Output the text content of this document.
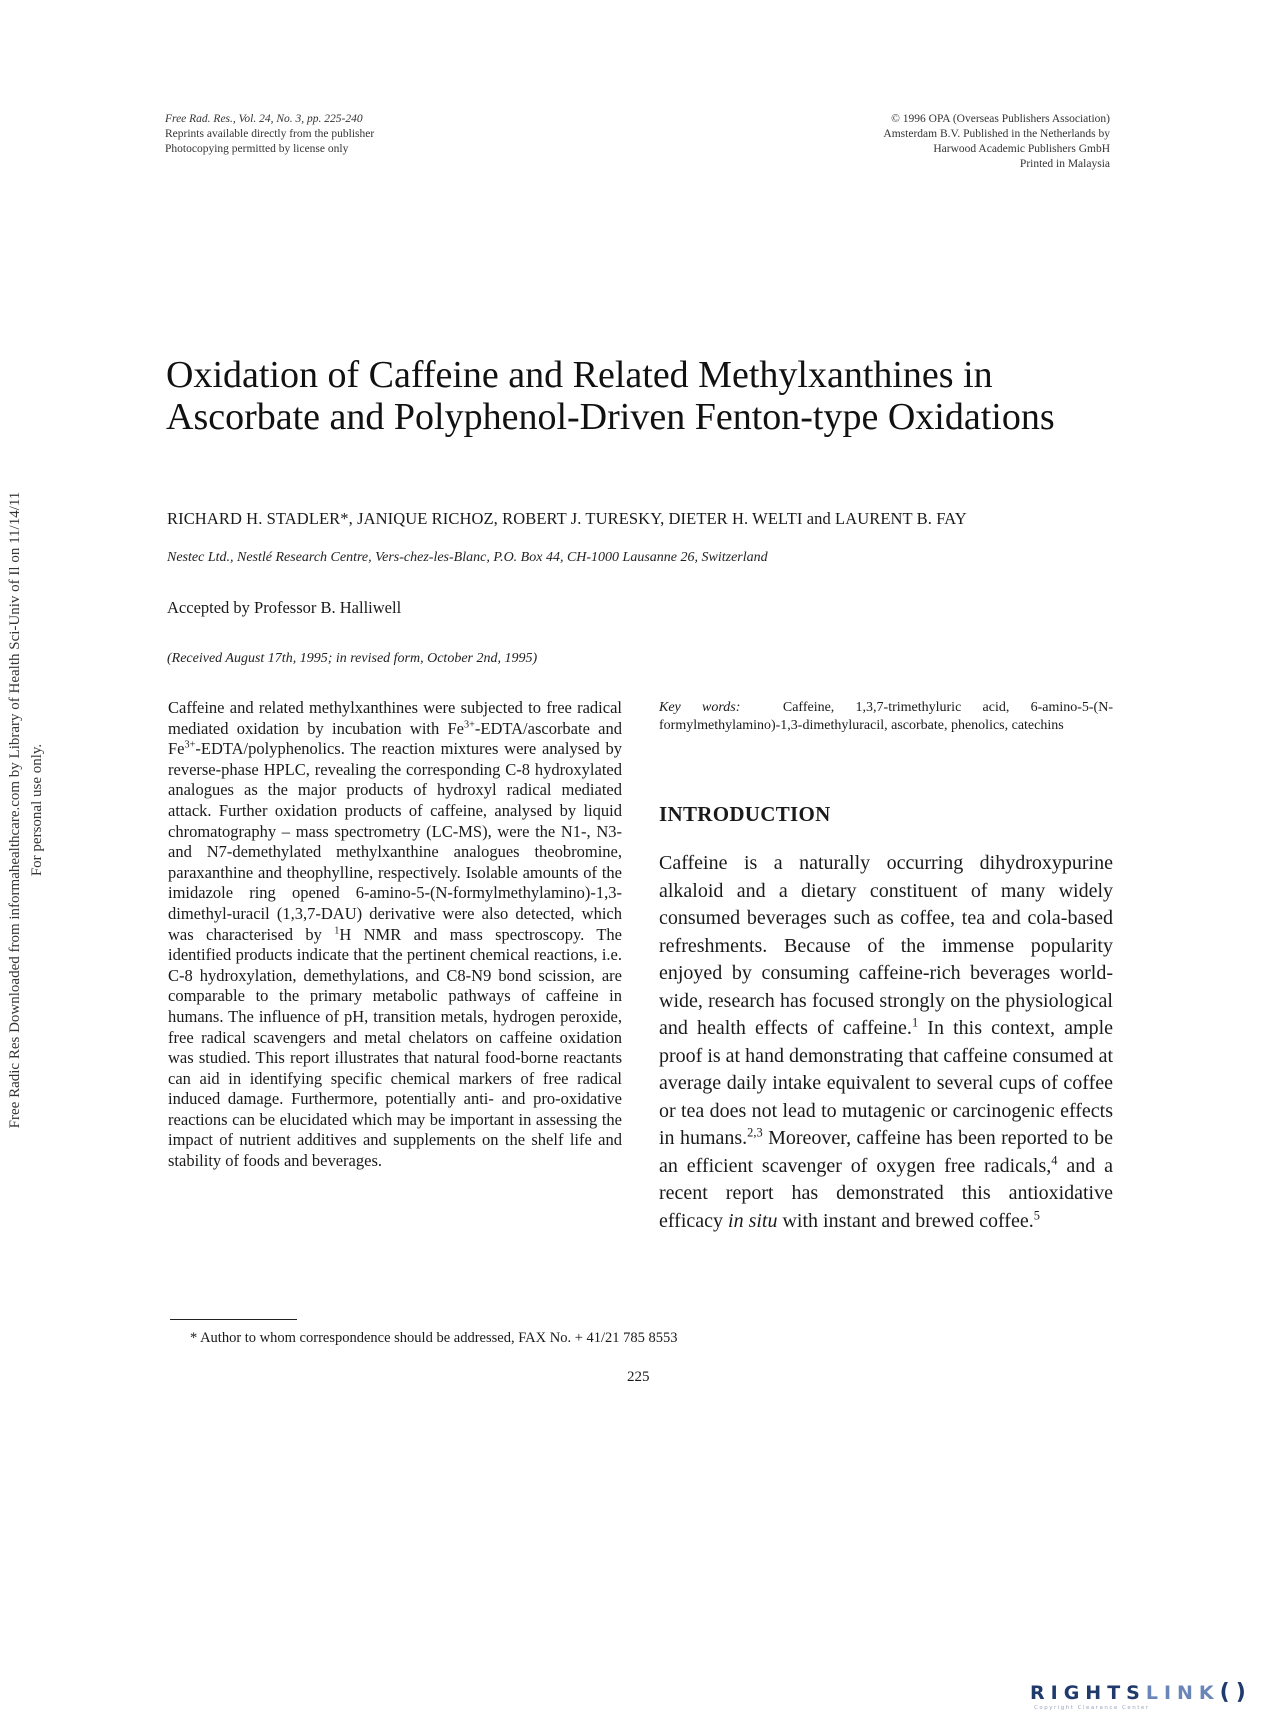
Free Radic Res Downloaded from informahealthcare.com by Library of Health Sci-Univ of Il on 11/14/11 For personal use only.
Free Rad. Res., Vol. 24, No. 3, pp. 225-240
Reprints available directly from the publisher
Photocopying permitted by license only
© 1996 OPA (Overseas Publishers Association)
Amsterdam B.V. Published in the Netherlands by
Harwood Academic Publishers GmbH
Printed in Malaysia
Oxidation of Caffeine and Related Methylxanthines in Ascorbate and Polyphenol-Driven Fenton-type Oxidations
RICHARD H. STADLER*, JANIQUE RICHOZ, ROBERT J. TURESKY, DIETER H. WELTI and LAURENT B. FAY
Nestec Ltd., Nestlé Research Centre, Vers-chez-les-Blanc, P.O. Box 44, CH-1000 Lausanne 26, Switzerland
Accepted by Professor B. Halliwell
(Received August 17th, 1995; in revised form, October 2nd, 1995)
Caffeine and related methylxanthines were subjected to free radical mediated oxidation by incubation with $Fe^{3+}-EDTA$/ascorbate and $Fe^{3+}-EDTA$/polyphenolics. The reaction mixtures were analysed by reverse-phase HPLC, revealing the corresponding C-8 hydroxylated analogues as the major products of hydroxyl radical mediated attack. Further oxidation products of caffeine, analysed by liquid chromatography – mass spectrometry (LC-MS), were the N1-, N3- and N7-demethylated methylxanthine analogues theobromine, paraxanthine and theophylline, respectively. Isolable amounts of the imidazole ring opened 6-amino-5-(N-formylmethylamino)-1,3-dimethyl-uracil (1,3,7-DAU) derivative were also detected, which was characterised by $^1$H NMR and mass spectroscopy. The identified products indicate that the pertinent chemical reactions, i.e. C-8 hydroxylation, demethylations, and C8-N9 bond scission, are comparable to the primary metabolic pathways of caffeine in humans. The influence of pH, transition metals, hydrogen peroxide, free radical scavengers and metal chelators on caffeine oxidation was studied. This report illustrates that natural food-borne reactants can aid in identifying specific chemical markers of free radical induced damage. Furthermore, potentially anti- and pro-oxidative reactions can be elucidated which may be important in assessing the impact of nutrient additives and supplements on the shelf life and stability of foods and beverages.
Key words:	Caffeine, 1,3,7-trimethyluric acid, 6-amino-5-(N-formylmethylamino)-1,3-dimethyluracil, ascorbate, phenolics, catechins
INTRODUCTION
Caffeine is a naturally occurring dihydroxypurine alkaloid and a dietary constituent of many widely consumed beverages such as coffee, tea and cola-based refreshments. Because of the immense popularity enjoyed by consuming caffeine-rich beverages world-wide, research has focused strongly on the physiological and health effects of caffeine.$^1$ In this context, ample proof is at hand demonstrating that caffeine consumed at average daily intake equivalent to several cups of coffee or tea does not lead to mutagenic or carcinogenic effects in humans.$^{2,3}$ Moreover, caffeine has been reported to be an efficient scavenger of oxygen free radicals,$^4$ and a recent report has demonstrated this antioxidative efficacy in situ with instant and brewed coffee.$^5$
* Author to whom correspondence should be addressed, FAX No. + 41/21 785 8553
225
RIGHTSLINK()
Copyright Clearance Center
